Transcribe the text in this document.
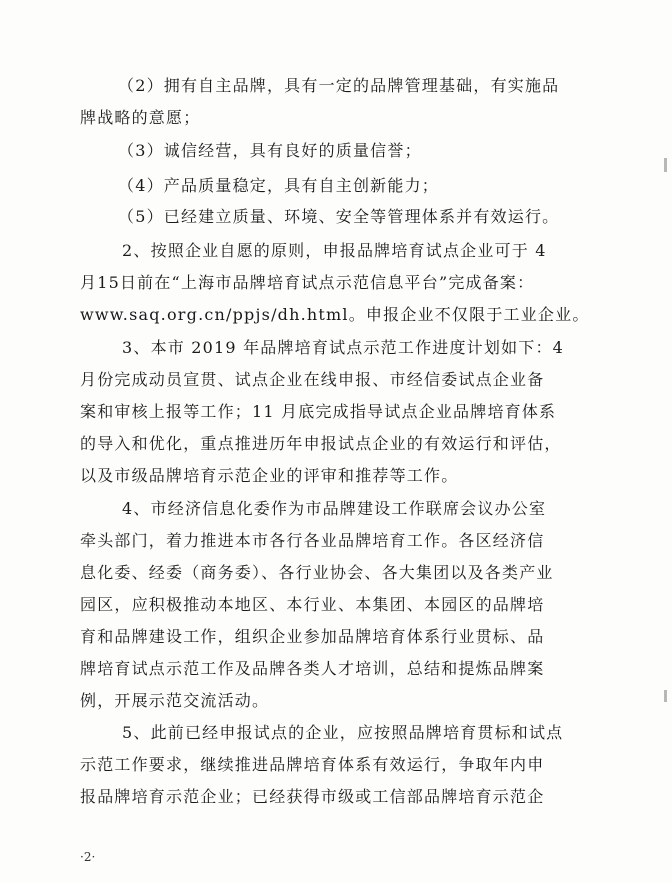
（2）拥有自主品牌，具有一定的品牌管理基础，有实施品
牌战略的意愿；
（3）诚信经营，具有良好的质量信誉；
（4）产品质量稳定，具有自主创新能力；
（5）已经建立质量、环境、安全等管理体系并有效运行。
2、按照企业自愿的原则，申报品牌培育试点企业可于 4
月15日前在“上海市品牌培育试点示范信息平台”完成备案：
www.saq.org.cn/ppjs/dh.html。申报企业不仅限于工业企业。
3、本市 2019 年品牌培育试点示范工作进度计划如下：4
月份完成动员宣贯、试点企业在线申报、市经信委试点企业备
案和审核上报等工作；11 月底完成指导试点企业品牌培育体系
的导入和优化，重点推进历年申报试点企业的有效运行和评估，
以及市级品牌培育示范企业的评审和推荐等工作。
4、市经济信息化委作为市品牌建设工作联席会议办公室
牵头部门，着力推进本市各行各业品牌培育工作。各区经济信
息化委、经委（商务委）、各行业协会、各大集团以及各类产业
园区，应积极推动本地区、本行业、本集团、本园区的品牌培
育和品牌建设工作，组织企业参加品牌培育体系行业贯标、品
牌培育试点示范工作及品牌各类人才培训，总结和提炼品牌案
例，开展示范交流活动。
5、此前已经申报试点的企业，应按照品牌培育贯标和试点
示范工作要求，继续推进品牌培育体系有效运行，争取年内申
报品牌培育示范企业；已经获得市级或工信部品牌培育示范企
·2·
